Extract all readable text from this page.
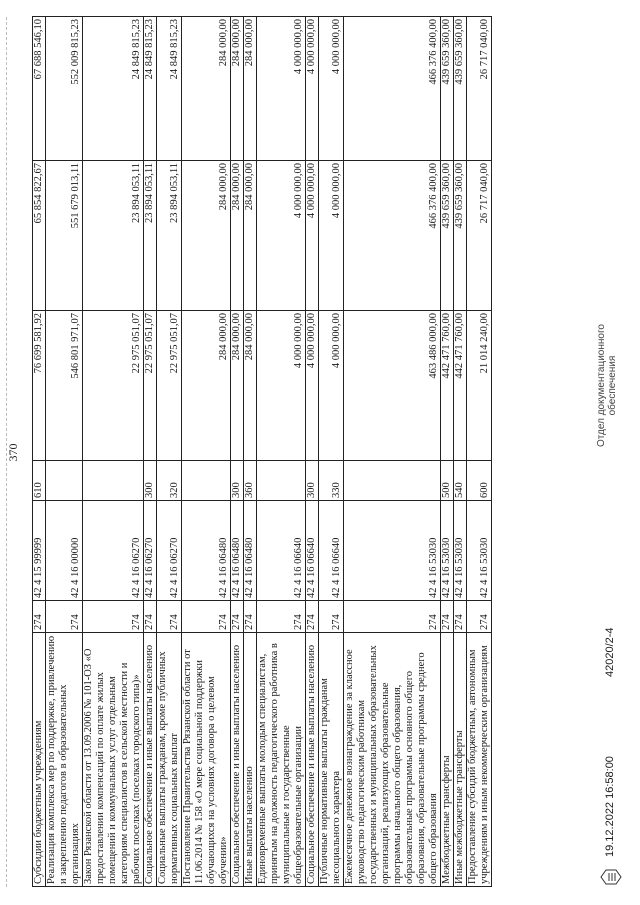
370
Субсидии бюджетным учреждениям	274	42 4 15 99999	610	76 699 581,92	65 854 822,67	67 688 546,10
Реализация комплекса мер по поддержке, привлечению и закреплению педагогов в образовательных организациях	274	42 4 16 00000		546 801 971,07	551 679 013,11	552 009 815,23
Закон Рязанской области от 13.09.2006 № 101-ОЗ «О предоставлении компенсаций по оплате жилых помещений и коммунальных услуг отдельным категориям специалистов в сельской местности и рабочих поселках (поселках городского типа)»	274	42 4 16 06270		22 975 051,07	23 894 053,11	24 849 815,23
Социальное обеспечение и иные выплаты населению	274	42 4 16 06270	300	22 975 051,07	23 894 053,11	24 849 815,23
Социальные выплаты гражданам, кроме публичных нормативных социальных выплат	274	42 4 16 06270	320	22 975 051,07	23 894 053,11	24 849 815,23
Постановление Правительства Рязанской области от 11.06.2014 № 158 «О мере социальной поддержки обучающихся на условиях договора о целевом обучении»	274	42 4 16 06480		284 000,00	284 000,00	284 000,00
Социальное обеспечение и иные выплаты населению	274	42 4 16 06480	300	284 000,00	284 000,00	284 000,00
Иные выплаты населению	274	42 4 16 06480	360	284 000,00	284 000,00	284 000,00
Единовременные выплаты молодым специалистам, принятым на должность педагогического работника в муниципальные и государственные общеобразовательные организации	274	42 4 16 06640		4 000 000,00	4 000 000,00	4 000 000,00
Социальное обеспечение и иные выплаты населению	274	42 4 16 06640	300	4 000 000,00	4 000 000,00	4 000 000,00
Публичные нормативные выплаты гражданам несоциального характера	274	42 4 16 06640	330	4 000 000,00	4 000 000,00	4 000 000,00
Ежемесячное денежное вознаграждение за классное руководство педагогическим работникам государственных и муниципальных образовательных организаций, реализующих образовательные программы начального общего образования, образовательные программы основного общего образования, образовательные программы среднего общего образования	274	42 4 16 53030		463 486 000,00	466 376 400,00	466 376 400,00
Межбюджетные трансферты	274	42 4 16 53030	500	442 471 760,00	439 659 360,00	439 659 360,00
Иные межбюджетные трансферты	274	42 4 16 53030	540	442 471 760,00	439 659 360,00	439 659 360,00
Предоставление субсидий бюджетным, автономным учреждениям и иным некоммерческим организациям	274	42 4 16 53030	600	21 014 240,00	26 717 040,00	26 717 040,00
19.12.2022 16:58:00
42020/2-4
Отдел документационного обеспечения
